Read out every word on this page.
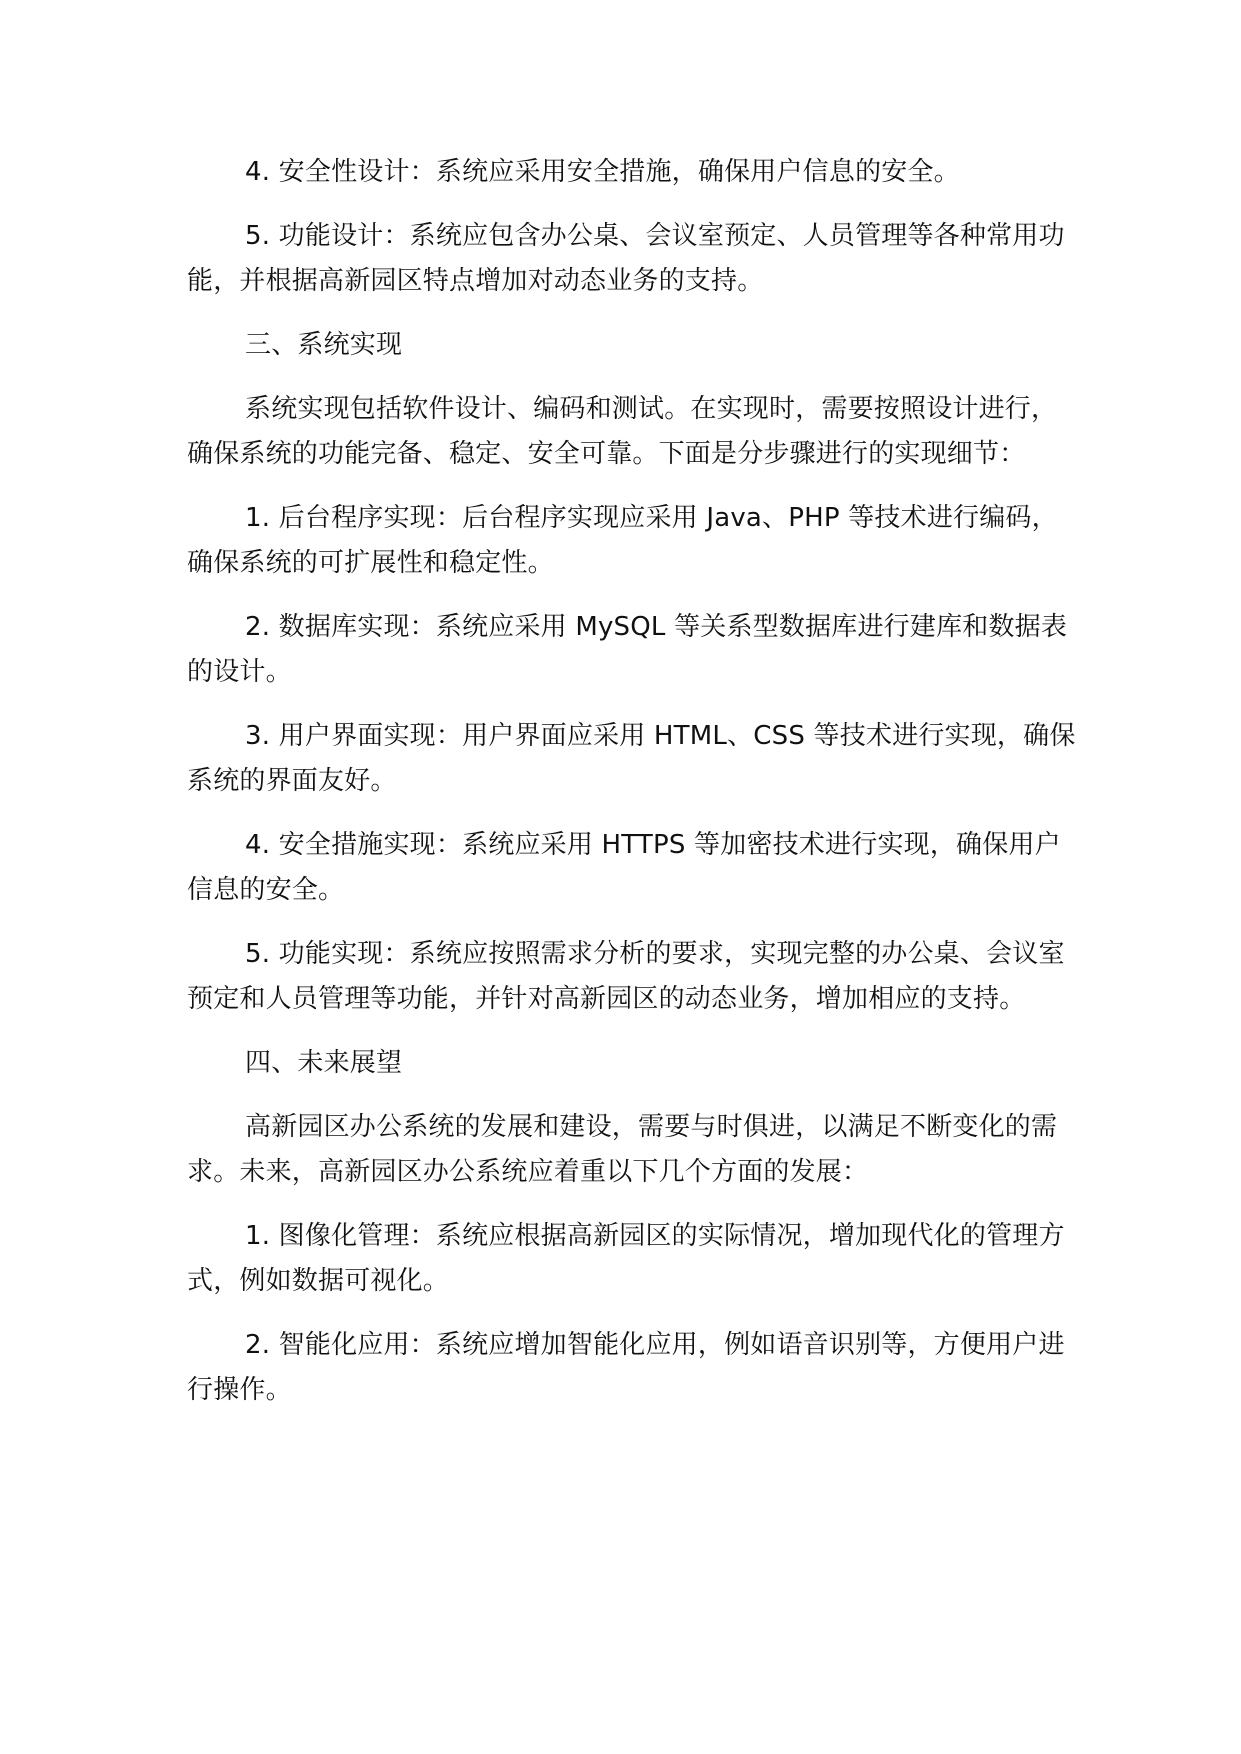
4. 安全性设计：系统应采用安全措施，确保用户信息的安全。

5. 功能设计：系统应包含办公桌、会议室预定、人员管理等各种常用功能，并根据高新园区特点增加对动态业务的支持。

三、系统实现

系统实现包括软件设计、编码和测试。在实现时，需要按照设计进行，确保系统的功能完备、稳定、安全可靠。下面是分步骤进行的实现细节：

1. 后台程序实现：后台程序实现应采用 Java、PHP 等技术进行编码，确保系统的可扩展性和稳定性。

2. 数据库实现：系统应采用 MySQL 等关系型数据库进行建库和数据表的设计。

3. 用户界面实现：用户界面应采用 HTML、CSS 等技术进行实现，确保系统的界面友好。

4. 安全措施实现：系统应采用 HTTPS 等加密技术进行实现，确保用户信息的安全。

5. 功能实现：系统应按照需求分析的要求，实现完整的办公桌、会议室预定和人员管理等功能，并针对高新园区的动态业务，增加相应的支持。

四、未来展望

高新园区办公系统的发展和建设，需要与时俱进，以满足不断变化的需求。未来，高新园区办公系统应着重以下几个方面的发展：

1. 图像化管理：系统应根据高新园区的实际情况，增加现代化的管理方式，例如数据可视化。

2. 智能化应用：系统应增加智能化应用，例如语音识别等，方便用户进行操作。
